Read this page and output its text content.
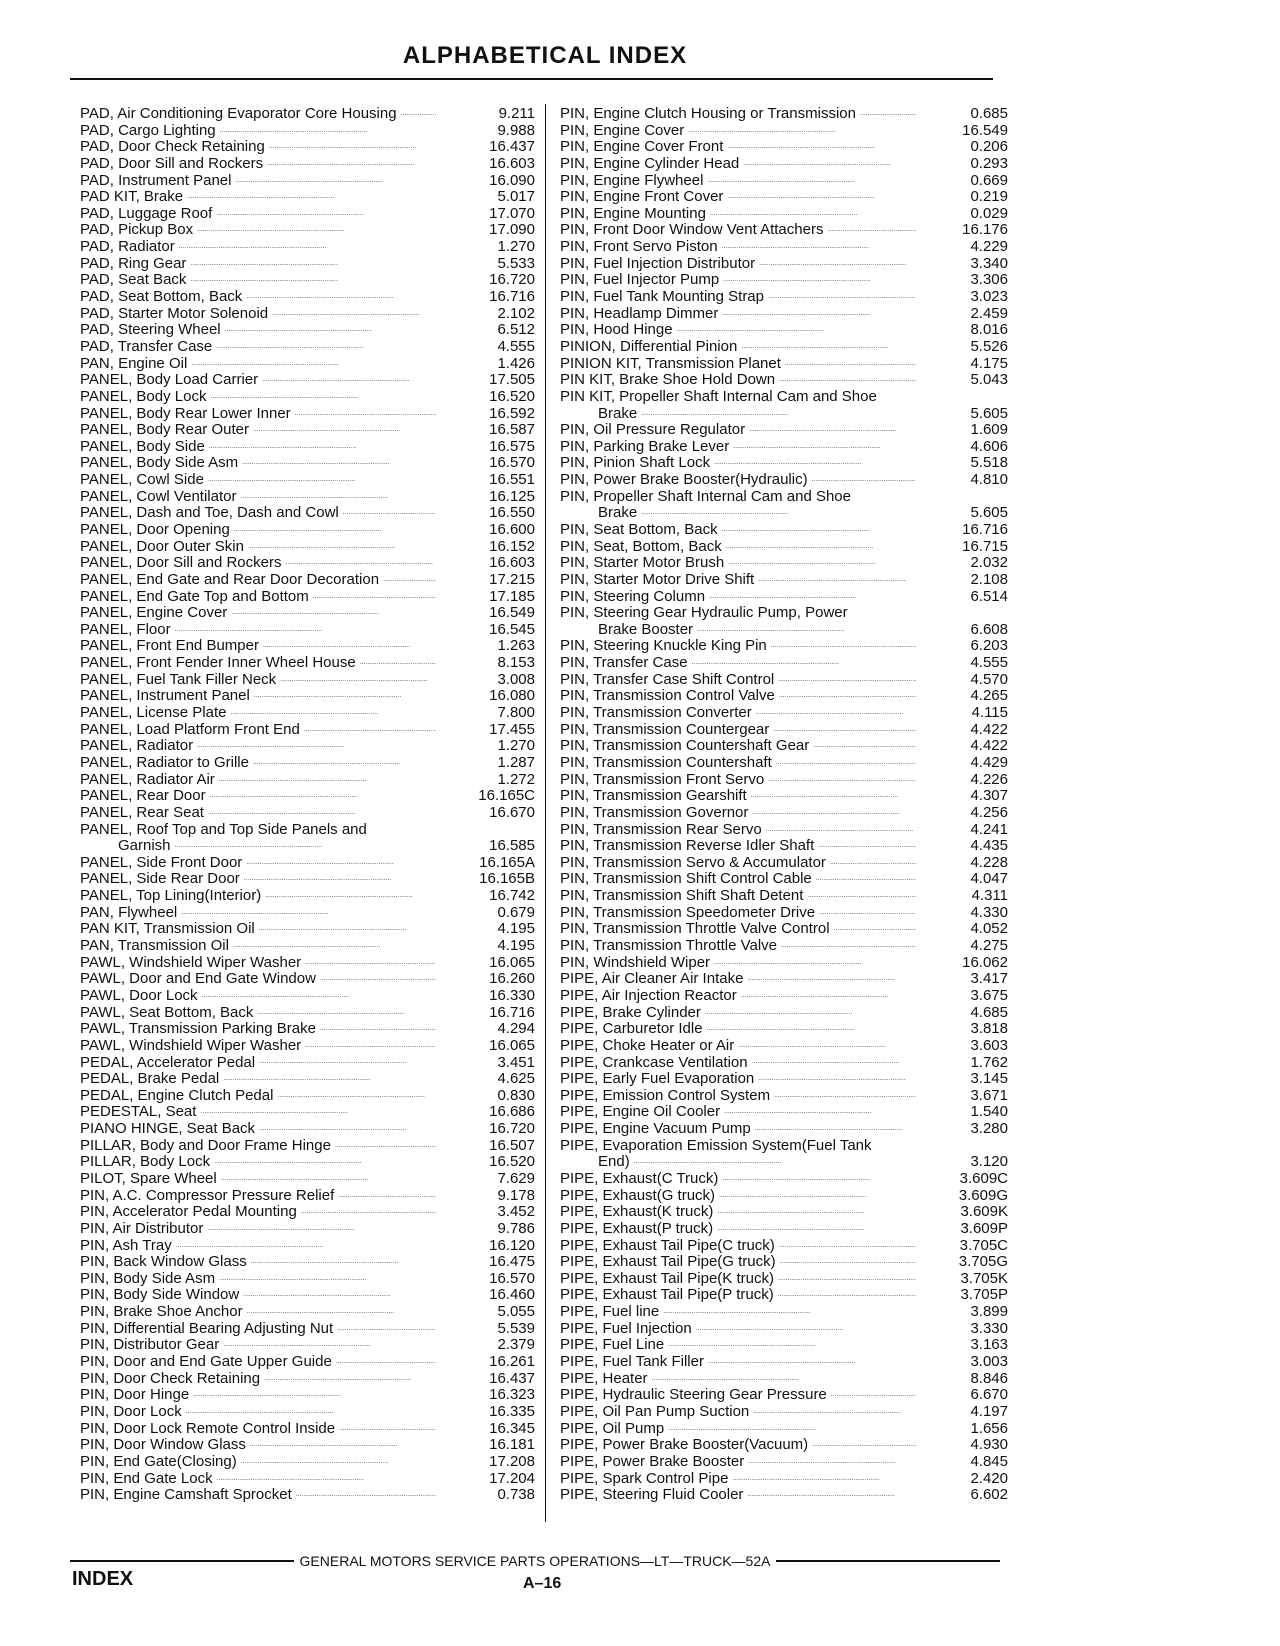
ALPHABETICAL INDEX
PAD, Air Conditioning Evaporator Core Housing . . .	9.211
PAD, Cargo Lighting . . .	9.988
PAD, Door Check Retaining . . .	16.437
PAD, Door Sill and Rockers . . .	16.603
PAD, Instrument Panel . . .	16.090
PAD KIT, Brake . . .	5.017
PAD, Luggage Roof . . .	17.070
PAD, Pickup Box . . .	17.090
PAD, Radiator . . .	1.270
PAD, Ring Gear . . .	5.533
PAD, Seat Back . . .	16.720
PAD, Seat Bottom, Back . . .	16.716
PAD, Starter Motor Solenoid . . .	2.102
PAD, Steering Wheel . . .	6.512
PAD, Transfer Case . . .	4.555
PAN, Engine Oil . . .	1.426
PANEL, Body Load Carrier . . .	17.505
PANEL, Body Lock . . .	16.520
PANEL, Body Rear Lower Inner . . .	16.592
PANEL, Body Rear Outer . . .	16.587
PANEL, Body Side . . .	16.575
PANEL, Body Side Asm . . .	16.570
PANEL, Cowl Side . . .	16.551
PANEL, Cowl Ventilator . . .	16.125
PANEL, Dash and Toe, Dash and Cowl . . .	16.550
PANEL, Door Opening . . .	16.600
PANEL, Door Outer Skin . . .	16.152
PANEL, Door Sill and Rockers . . .	16.603
PANEL, End Gate and Rear Door Decoration . . .	17.215
PANEL, End Gate Top and Bottom . . .	17.185
PANEL, Engine Cover . . .	16.549
PANEL, Floor . . .	16.545
PANEL, Front End Bumper . . .	1.263
PANEL, Front Fender Inner Wheel House . . .	8.153
PANEL, Fuel Tank Filler Neck . . .	3.008
PANEL, Instrument Panel . . .	16.080
PANEL, License Plate . . .	7.800
PANEL, Load Platform Front End . . .	17.455
PANEL, Radiator . . .	1.270
PANEL, Radiator to Grille . . .	1.287
PANEL, Radiator Air . . .	1.272
PANEL, Rear Door . . .	16.165C
PANEL, Rear Seat . . .	16.670
PANEL, Roof Top and Top Side Panels and
Garnish . . .	16.585
PANEL, Side Front Door . . .	16.165A
PANEL, Side Rear Door . . .	16.165B
PANEL, Top Lining(Interior) . . .	16.742
PAN, Flywheel . . .	0.679
PAN KIT, Transmission Oil . . .	4.195
PAN, Transmission Oil . . .	4.195
PAWL, Windshield Wiper Washer . . .	16.065
PAWL, Door and End Gate Window . . .	16.260
PAWL, Door Lock . . .	16.330
PAWL, Seat Bottom, Back . . .	16.716
PAWL, Transmission Parking Brake . . .	4.294
PAWL, Windshield Wiper Washer . . .	16.065
PEDAL, Accelerator Pedal . . .	3.451
PEDAL, Brake Pedal . . .	4.625
PEDAL, Engine Clutch Pedal . . .	0.830
PEDESTAL, Seat . . .	16.686
PIANO HINGE, Seat Back . . .	16.720
PILLAR, Body and Door Frame Hinge . . .	16.507
PILLAR, Body Lock . . .	16.520
PILOT, Spare Wheel . . .	7.629
PIN, A.C. Compressor Pressure Relief . . .	9.178
PIN, Accelerator Pedal Mounting . . .	3.452
PIN, Air Distributor . . .	9.786
PIN, Ash Tray . . .	16.120
PIN, Back Window Glass . . .	16.475
PIN, Body Side Asm . . .	16.570
PIN, Body Side Window . . .	16.460
PIN, Brake Shoe Anchor . . .	5.055
PIN, Differential Bearing Adjusting Nut . . .	5.539
PIN, Distributor Gear . . .	2.379
PIN, Door and End Gate Upper Guide . . .	16.261
PIN, Door Check Retaining . . .	16.437
PIN, Door Hinge . . .	16.323
PIN, Door Lock . . .	16.335
PIN, Door Lock Remote Control Inside . . .	16.345
PIN, Door Window Glass . . .	16.181
PIN, End Gate(Closing) . . .	17.208
PIN, End Gate Lock . . .	17.204
PIN, Engine Camshaft Sprocket . . .	0.738
PIN, Engine Clutch Housing or Transmission . . .	0.685
PIN, Engine Cover . . .	16.549
PIN, Engine Cover Front . . .	0.206
PIN, Engine Cylinder Head . . .	0.293
PIN, Engine Flywheel . . .	0.669
PIN, Engine Front Cover . . .	0.219
PIN, Engine Mounting . . .	0.029
PIN, Front Door Window Vent Attachers . . .	16.176
PIN, Front Servo Piston . . .	4.229
PIN, Fuel Injection Distributor . . .	3.340
PIN, Fuel Injector Pump . . .	3.306
PIN, Fuel Tank Mounting Strap . . .	3.023
PIN, Headlamp Dimmer . . .	2.459
PIN, Hood Hinge . . .	8.016
PINION, Differential Pinion . . .	5.526
PINION KIT, Transmission Planet . . .	4.175
PIN KIT, Brake Shoe Hold Down . . .	5.043
PIN KIT, Propeller Shaft Internal Cam and Shoe
Brake . . .	5.605
PIN, Oil Pressure Regulator . . .	1.609
PIN, Parking Brake Lever . . .	4.606
PIN, Pinion Shaft Lock . . .	5.518
PIN, Power Brake Booster(Hydraulic) . . .	4.810
PIN, Propeller Shaft Internal Cam and Shoe
Brake . . .	5.605
PIN, Seat Bottom, Back . . .	16.716
PIN, Seat, Bottom, Back . . .	16.715
PIN, Starter Motor Brush . . .	2.032
PIN, Starter Motor Drive Shift . . .	2.108
PIN, Steering Column . . .	6.514
PIN, Steering Gear Hydraulic Pump, Power
Brake Booster . . .	6.608
PIN, Steering Knuckle King Pin . . .	6.203
PIN, Transfer Case . . .	4.555
PIN, Transfer Case Shift Control . . .	4.570
PIN, Transmission Control Valve . . .	4.265
PIN, Transmission Converter . . .	4.115
PIN, Transmission Countergear . . .	4.422
PIN, Transmission Countershaft Gear . . .	4.422
PIN, Transmission Countershaft . . .	4.429
PIN, Transmission Front Servo . . .	4.226
PIN, Transmission Gearshift . . .	4.307
PIN, Transmission Governor . . .	4.256
PIN, Transmission Rear Servo . . .	4.241
PIN, Transmission Reverse Idler Shaft . . .	4.435
PIN, Transmission Servo & Accumulator . . .	4.228
PIN, Transmission Shift Control Cable . . .	4.047
PIN, Transmission Shift Shaft Detent . . .	4.311
PIN, Transmission Speedometer Drive . . .	4.330
PIN, Transmission Throttle Valve Control . . .	4.052
PIN, Transmission Throttle Valve . . .	4.275
PIN, Windshield Wiper . . .	16.062
PIPE, Air Cleaner Air Intake . . .	3.417
PIPE, Air Injection Reactor . . .	3.675
PIPE, Brake Cylinder . . .	4.685
PIPE, Carburetor Idle . . .	3.818
PIPE, Choke Heater or Air . . .	3.603
PIPE, Crankcase Ventilation . . .	1.762
PIPE, Early Fuel Evaporation . . .	3.145
PIPE, Emission Control System . . .	3.671
PIPE, Engine Oil Cooler . . .	1.540
PIPE, Engine Vacuum Pump . . .	3.280
PIPE, Evaporation Emission System(Fuel Tank
End) . . .	3.120
PIPE, Exhaust(C Truck) . . .	3.609C
PIPE, Exhaust(G truck) . . .	3.609G
PIPE, Exhaust(K truck) . . .	3.609K
PIPE, Exhaust(P truck) . . .	3.609P
PIPE, Exhaust Tail Pipe(C truck) . . .	3.705C
PIPE, Exhaust Tail Pipe(G truck) . . .	3.705G
PIPE, Exhaust Tail Pipe(K truck) . . .	3.705K
PIPE, Exhaust Tail Pipe(P truck) . . .	3.705P
PIPE, Fuel line . . .	3.899
PIPE, Fuel Injection . . .	3.330
PIPE, Fuel Line . . .	3.163
PIPE, Fuel Tank Filler . . .	3.003
PIPE, Heater . . .	8.846
PIPE, Hydraulic Steering Gear Pressure . . .	6.670
PIPE, Oil Pan Pump Suction . . .	4.197
PIPE, Oil Pump . . .	1.656
PIPE, Power Brake Booster(Vacuum) . . .	4.930
PIPE, Power Brake Booster . . .	4.845
PIPE, Spark Control Pipe . . .	2.420
PIPE, Steering Fluid Cooler . . .	6.602
GENERAL MOTORS SERVICE PARTS OPERATIONS—LT—TRUCK—52A
INDEX	A–16
